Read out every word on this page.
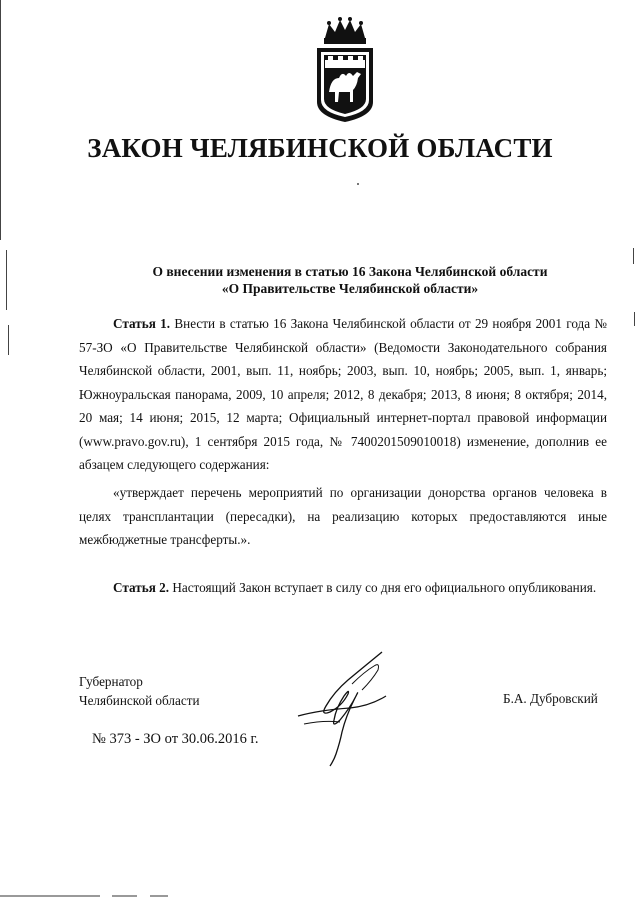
ЗАКОН ЧЕЛЯБИНСКОЙ ОБЛАСТИ
О внесении изменения в статью 16 Закона Челябинской области
«О Правительстве Челябинской области»
Статья 1. Внести в статью 16 Закона Челябинской области от 29 ноября 2001 года № 57-ЗО «О Правительстве Челябинской области» (Ведомости Законодательного собрания Челябинской области, 2001, вып. 11, ноябрь; 2003, вып. 10, ноябрь; 2005, вып. 1, январь; Южноуральская панорама, 2009, 10 апреля; 2012, 8 декабря; 2013, 8 июня; 8 октября; 2014, 20 мая; 14 июня; 2015, 12 марта; Официальный интернет-портал правовой информации (www.pravo.gov.ru), 1 сентября 2015 года, № 7400201509010018) изменение, дополнив ее абзацем следующего содержания:
«утверждает перечень мероприятий по организации донорства органов человека в целях трансплантации (пересадки), на реализацию которых предоставляются иные межбюджетные трансферты.».
Статья 2. Настоящий Закон вступает в силу со дня его официального опубликования.
Губернатор
Челябинской области	Б.А. Дубровский
№ 373 - ЗО от 30.06.2016 г.
